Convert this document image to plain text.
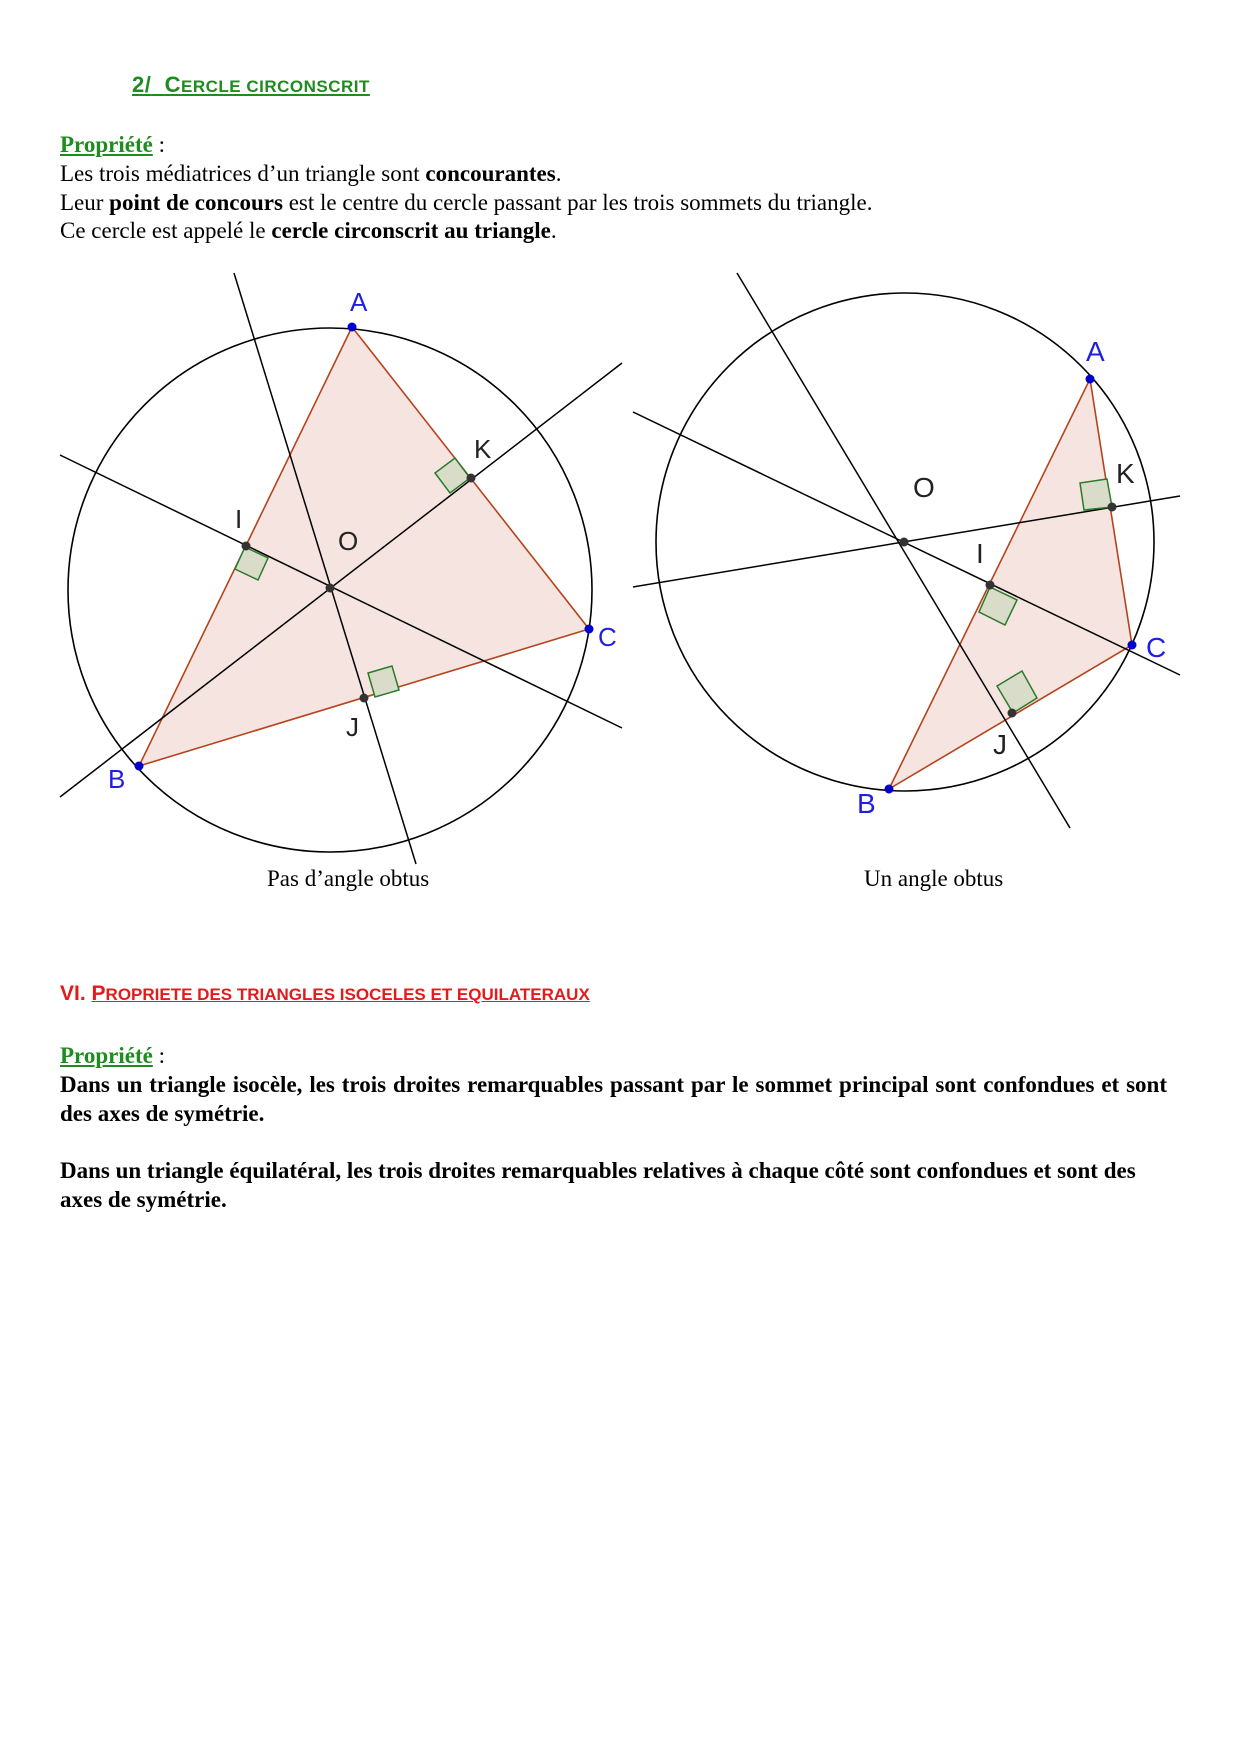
2/ CERCLE CIRCONSCRIT
Propriété :
Les trois médiatrices d’un triangle sont concourantes.
Leur point de concours est le centre du cercle passant par les trois sommets du triangle.
Ce cercle est appelé le cercle circonscrit au triangle.
A
B
C
I
J
K
O
A
B
C
I
J
K
O
Pas d’angle obtus	Un angle obtus
VI. PROPRIETE DES TRIANGLES ISOCELES ET EQUILATERAUX
Propriété :
Dans un triangle isocèle, les trois droites remarquables passant par le sommet principal sont confondues et sont des axes de symétrie.
Dans un triangle équilatéral, les trois droites remarquables relatives à chaque côté sont confondues et sont des axes de symétrie.
